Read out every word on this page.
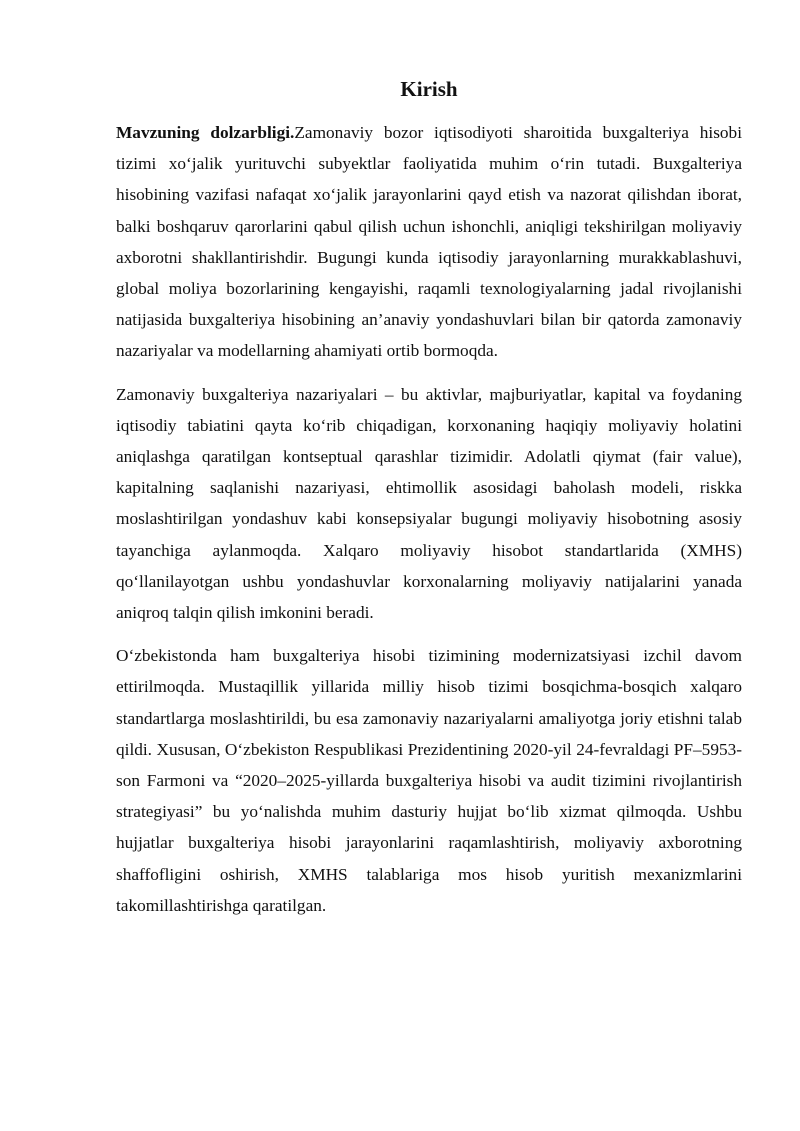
Kirish

Mavzuning dolzarbligi.Zamonaviy bozor iqtisodiyoti sharoitida buxgalteriya hisobi tizimi xo‘jalik yurituvchi subyektlar faoliyatida muhim o‘rin tutadi. Buxgalteriya hisobining vazifasi nafaqat xo‘jalik jarayonlarini qayd etish va nazorat qilishdan iborat, balki boshqaruv qarorlarini qabul qilish uchun ishonchli, aniqligi tekshirilgan moliyaviy axborotni shakllantirishdir. Bugungi kunda iqtisodiy jarayonlarning murakkablashuvi, global moliya bozorlarining kengayishi, raqamli texnologiyalarning jadal rivojlanishi natijasida buxgalteriya hisobining an’anaviy yondashuvlari bilan bir qatorda zamonaviy nazariyalar va modellarning ahamiyati ortib bormoqda.

Zamonaviy buxgalteriya nazariyalari – bu aktivlar, majburiyatlar, kapital va foydaning iqtisodiy tabiatini qayta ko‘rib chiqadigan, korxonaning haqiqiy moliyaviy holatini aniqlashga qaratilgan kontseptual qarashlar tizimidir. Adolatli qiymat (fair value), kapitalning saqlanishi nazariyasi, ehtimollik asosidagi baholash modeli, riskka moslashtirilgan yondashuv kabi konsepsiyalar bugungi moliyaviy hisobotning asosiy tayanchiga aylanmoqda. Xalqaro moliyaviy hisobot standartlarida (XMHS) qo‘llanilayotgan ushbu yondashuvlar korxonalarning moliyaviy natijalarini yanada aniqroq talqin qilish imkonini beradi.

O‘zbekistonda ham buxgalteriya hisobi tizimining modernizatsiyasi izchil davom ettirilmoqda. Mustaqillik yillarida milliy hisob tizimi bosqichma-bosqich xalqaro standartlarga moslashtirildi, bu esa zamonaviy nazariyalarni amaliyotga joriy etishni talab qildi. Xususan, O‘zbekiston Respublikasi Prezidentining 2020-yil 24-fevraldagi PF–5953-son Farmoni va “2020–2025-yillarda buxgalteriya hisobi va audit tizimini rivojlantirish strategiyasi” bu yo‘nalishda muhim dasturiy hujjat bo‘lib xizmat qilmoqda. Ushbu hujjatlar buxgalteriya hisobi jarayonlarini raqamlashtirish, moliyaviy axborotning shaffofligini oshirish, XMHS talablariga mos hisob yuritish mexanizmlarini takomillashtirishga qaratilgan.
